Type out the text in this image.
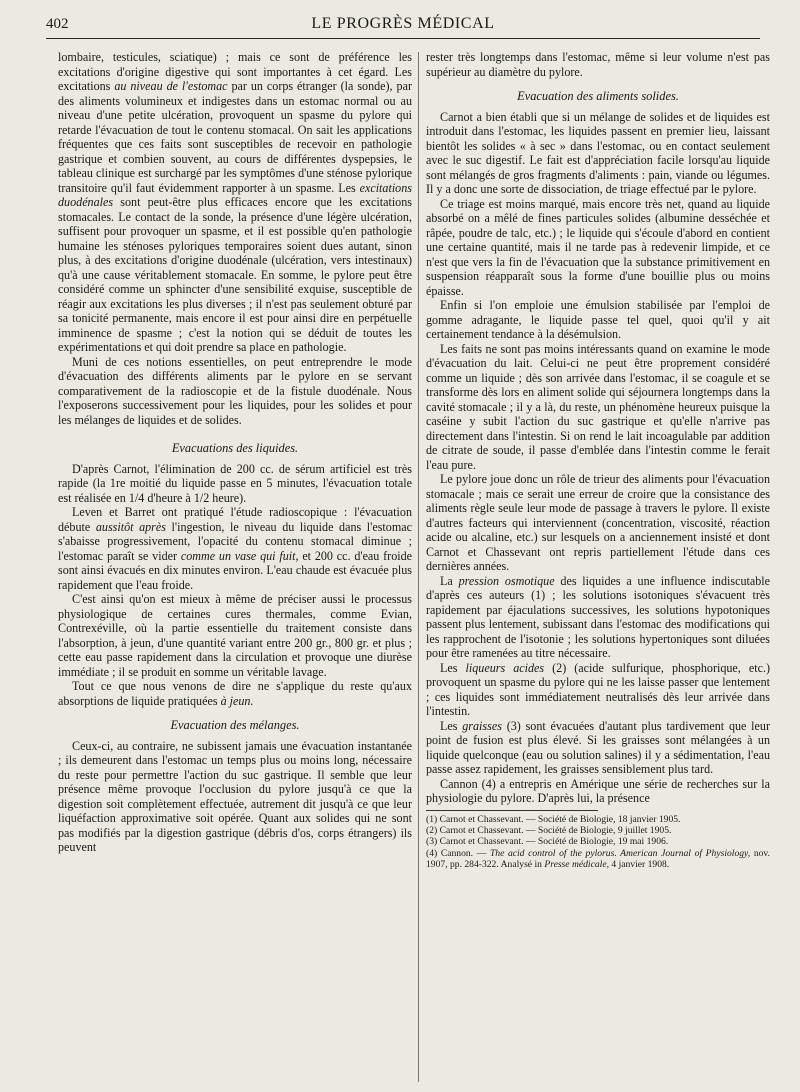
402	LE PROGRÈS MÉDICAL

lombaire, testicules, sciatique) ; mais ce sont de préférence les excitations d'origine digestive qui sont importantes à cet égard. Les excitations au niveau de l'estomac par un corps étranger (la sonde), par des aliments volumineux et indigestes dans un estomac normal ou au niveau d'une petite ulcération, provoquent un spasme du pylore qui retarde l'évacuation de tout le contenu stomacal. On sait les applications fréquentes que ces faits sont susceptibles de recevoir en pathologie gastrique et combien souvent, au cours de différentes dyspepsies, le tableau clinique est surchargé par les symptômes d'une sténose pylorique transitoire qu'il faut évidemment rapporter à un spasme. Les excitations duodénales sont peut-être plus efficaces encore que les excitations stomacales. Le contact de la sonde, la présence d'une légère ulcération, suffisent pour provoquer un spasme, et il est possible qu'en pathologie humaine les sténoses pyloriques temporaires soient dues autant, sinon plus, à des excitations d'origine duodénale (ulcération, vers intestinaux) qu'à une cause véritablement stomacale. En somme, le pylore peut être considéré comme un sphincter d'une sensibilité exquise, susceptible de réagir aux excitations les plus diverses ; il n'est pas seulement obturé par sa tonicité permanente, mais encore il est pour ainsi dire en perpétuelle imminence de spasme ; c'est la notion qui se déduit de toutes les expérimentations et qui doit prendre sa place en pathologie.

Muni de ces notions essentielles, on peut entreprendre le mode d'évacuation des différents aliments par le pylore en se servant comparativement de la radioscopie et de la fistule duodénale. Nous l'exposerons successivement pour les liquides, pour les solides et pour les mélanges de liquides et de solides.

Evacuations des liquides.

D'après Carnot, l'élimination de 200 cc. de sérum artificiel est très rapide (la 1re moitié du liquide passe en 5 minutes, l'évacuation totale est réalisée en 1/4 d'heure à 1/2 heure).

Leven et Barret ont pratiqué l'étude radioscopique : l'évacuation débute aussitôt après l'ingestion, le niveau du liquide dans l'estomac s'abaisse progressivement, l'opacité du contenu stomacal diminue ; l'estomac paraît se vider comme un vase qui fuit, et 200 cc. d'eau froide sont ainsi évacués en dix minutes environ. L'eau chaude est évacuée plus rapidement que l'eau froide.

C'est ainsi qu'on est mieux à même de préciser aussi le processus physiologique de certaines cures thermales, comme Evian, Contrexéville, où la partie essentielle du traitement consiste dans l'absorption, à jeun, d'une quantité variant entre 200 gr., 800 gr. et plus ; cette eau passe rapidement dans la circulation et provoque une diurèse immédiate ; il se produit en somme un véritable lavage.

Tout ce que nous venons de dire ne s'applique du reste qu'aux absorptions de liquide pratiquées à jeun.

Evacuation des mélanges.

Ceux-ci, au contraire, ne subissent jamais une évacuation instantanée ; ils demeurent dans l'estomac un temps plus ou moins long, nécessaire du reste pour permettre l'action du suc gastrique. Il semble que leur présence même provoque l'occlusion du pylore jusqu'à ce que la digestion soit complètement effectuée, autrement dit jusqu'à ce que leur liquéfaction approximative soit opérée. Quant aux solides qui ne sont pas modifiés par la digestion gastrique (débris d'os, corps étrangers) ils peuvent

rester très longtemps dans l'estomac, même si leur volume n'est pas supérieur au diamètre du pylore.

Evacuation des aliments solides.

Carnot a bien établi que si un mélange de solides et de liquides est introduit dans l'estomac, les liquides passent en premier lieu, laissant bientôt les solides « à sec » dans l'estomac, ou en contact seulement avec le suc digestif. Le fait est d'appréciation facile lorsqu'au liquide sont mélangés de gros fragments d'aliments : pain, viande ou légumes. Il y a donc une sorte de dissociation, de triage effectué par le pylore.

Ce triage est moins marqué, mais encore très net, quand au liquide absorbé on a mêlé de fines particules solides (albumine desséchée et râpée, poudre de talc, etc.) ; le liquide qui s'écoule d'abord en contient une certaine quantité, mais il ne tarde pas à redevenir limpide, et ce n'est que vers la fin de l'évacuation que la substance primitivement en suspension réapparaît sous la forme d'une bouillie plus ou moins épaisse.

Enfin si l'on emploie une émulsion stabilisée par l'emploi de gomme adragante, le liquide passe tel quel, quoi qu'il y ait certainement tendance à la désémulsion.

Les faits ne sont pas moins intéressants quand on examine le mode d'évacuation du lait. Celui-ci ne peut être proprement considéré comme un liquide ; dès son arrivée dans l'estomac, il se coagule et se transforme dès lors en aliment solide qui séjournera longtemps dans la cavité stomacale ; il y a là, du reste, un phénomène heureux puisque la caséine y subit l'action du suc gastrique et qu'elle n'arrive pas directement dans l'intestin. Si on rend le lait incoagulable par addition de citrate de soude, il passe d'emblée dans l'intestin comme le ferait l'eau pure.

Le pylore joue donc un rôle de trieur des aliments pour l'évacuation stomacale ; mais ce serait une erreur de croire que la consistance des aliments règle seule leur mode de passage à travers le pylore. Il existe d'autres facteurs qui interviennent (concentration, viscosité, réaction acide ou alcaline, etc.) sur lesquels on a anciennement insisté et dont Carnot et Chassevant ont repris partiellement l'étude dans ces dernières années.

La pression osmotique des liquides a une influence indiscutable d'après ces auteurs (1) ; les solutions isotoniques s'évacuent très rapidement par éjaculations successives, les solutions hypotoniques passent plus lentement, subissant dans l'estomac des modifications qui les rapprochent de l'isotonie ; les solutions hypertoniques sont diluées pour être ramenées au titre nécessaire.

Les liqueurs acides (2) (acide sulfurique, phosphorique, etc.) provoquent un spasme du pylore qui ne les laisse passer que lentement ; ces liquides sont immédiatement neutralisés dès leur arrivée dans l'intestin.

Les graisses (3) sont évacuées d'autant plus tardivement que leur point de fusion est plus élevé. Si les graisses sont mélangées à un liquide quelconque (eau ou solution salines) il y a sédimentation, l'eau passe assez rapidement, les graisses sensiblement plus tard.

Cannon (4) a entrepris en Amérique une série de recherches sur la physiologie du pylore. D'après lui, la présence

(1) Carnot et Chassevant. — Société de Biologie, 18 janvier 1905.

(2) Carnot et Chassevant. — Société de Biologie, 9 juillet 1905.

(3) Carnot et Chassevant. — Société de Biologie, 19 mai 1906.

(4) Cannon. — The acid control of the pylorus. American Journal of Physiology, nov. 1907, pp. 284-322. Analysé in Presse médicale, 4 janvier 1908.
